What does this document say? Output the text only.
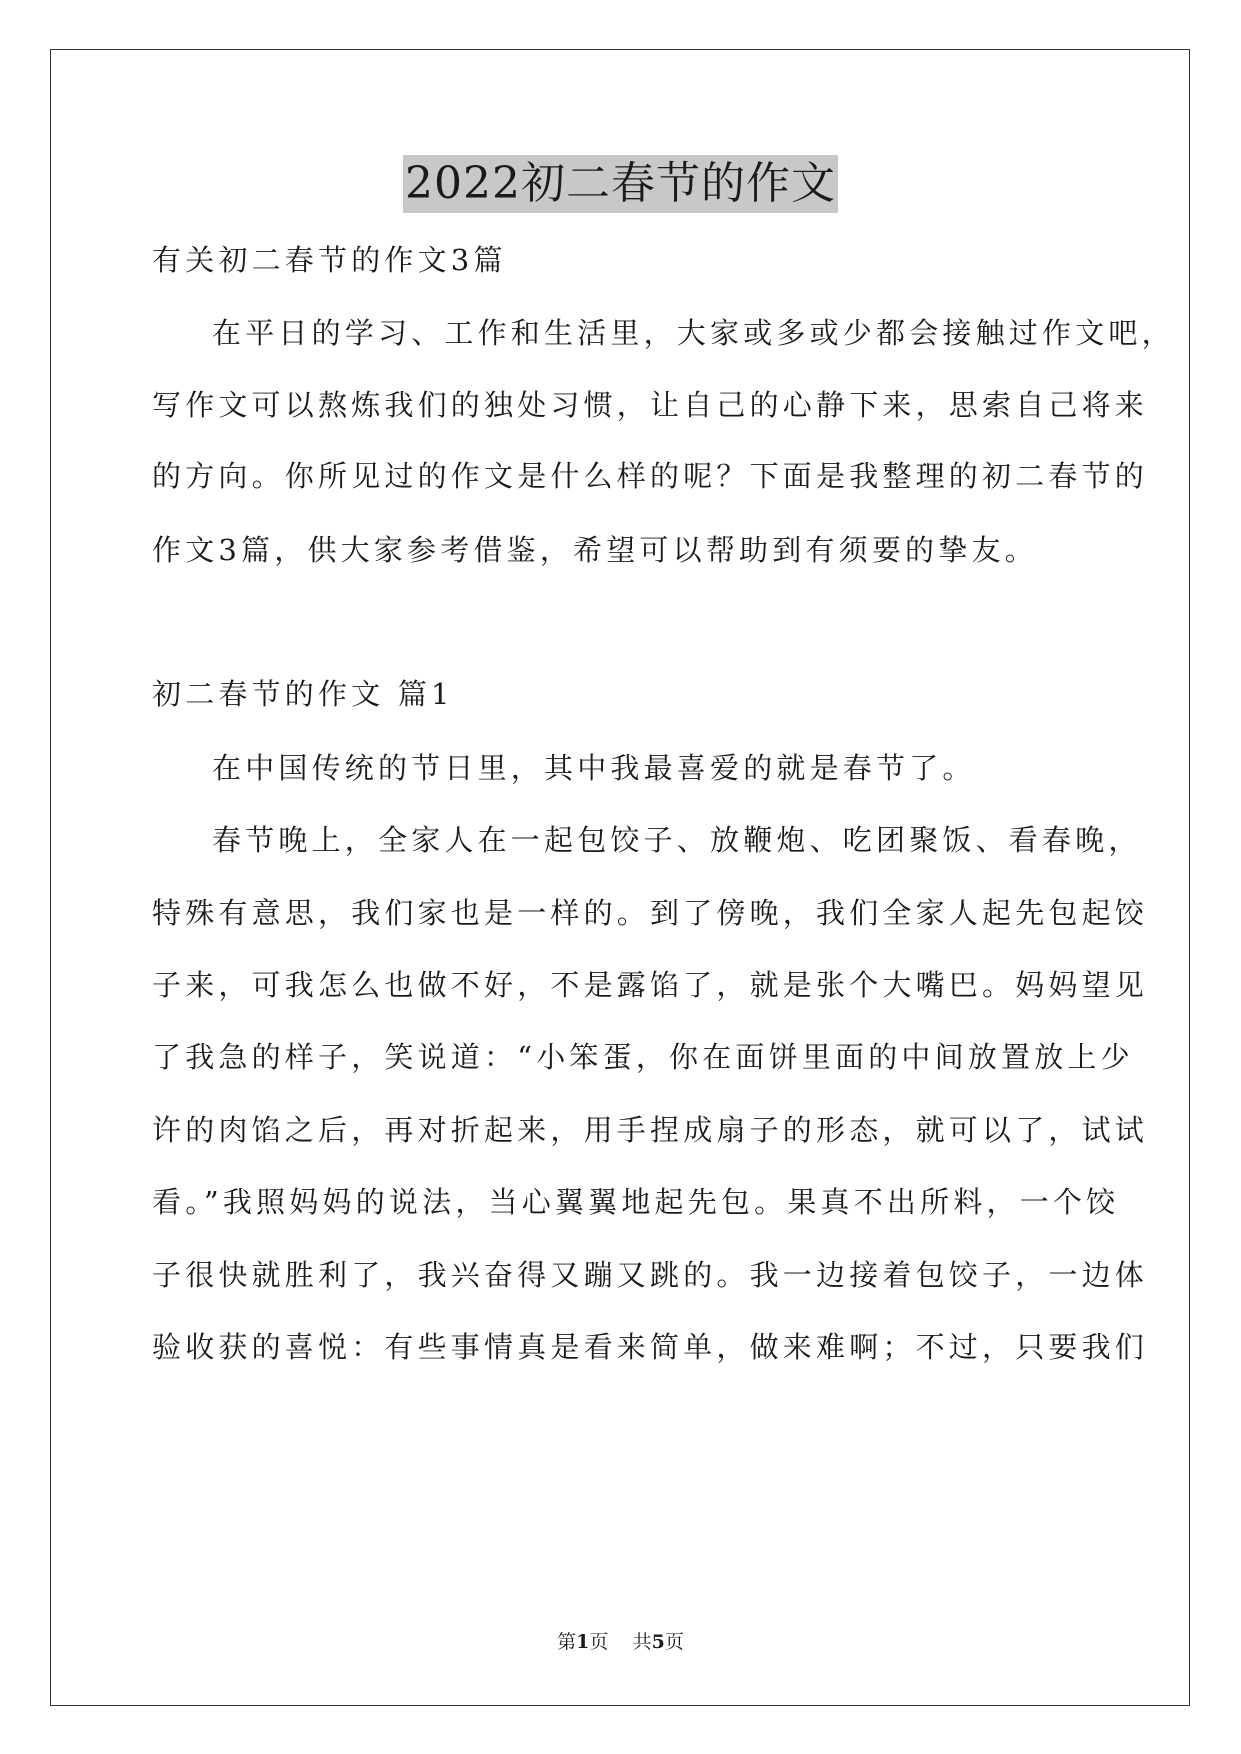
2022初二春节的作文
有关初二春节的作文3篇
在平日的学习、工作和生活里，大家或多或少都会接触过作文吧，
写作文可以熬炼我们的独处习惯，让自己的心静下来，思索自己将来
的方向。你所见过的作文是什么样的呢？下面是我整理的初二春节的
作文3篇，供大家参考借鉴，希望可以帮助到有须要的挚友。
初二春节的作文 篇1
在中国传统的节日里，其中我最喜爱的就是春节了。
春节晚上，全家人在一起包饺子、放鞭炮、吃团聚饭、看春晚，
特殊有意思，我们家也是一样的。到了傍晚，我们全家人起先包起饺
子来，可我怎么也做不好，不是露馅了，就是张个大嘴巴。妈妈望见
了我急的样子，笑说道：“小笨蛋，你在面饼里面的中间放置放上少
许的肉馅之后，再对折起来，用手捏成扇子的形态，就可以了，试试
看。”我照妈妈的说法，当心翼翼地起先包。果真不出所料，一个饺
子很快就胜利了，我兴奋得又蹦又跳的。我一边接着包饺子，一边体
验收获的喜悦：有些事情真是看来简单，做来难啊；不过，只要我们
第1页    共5页
